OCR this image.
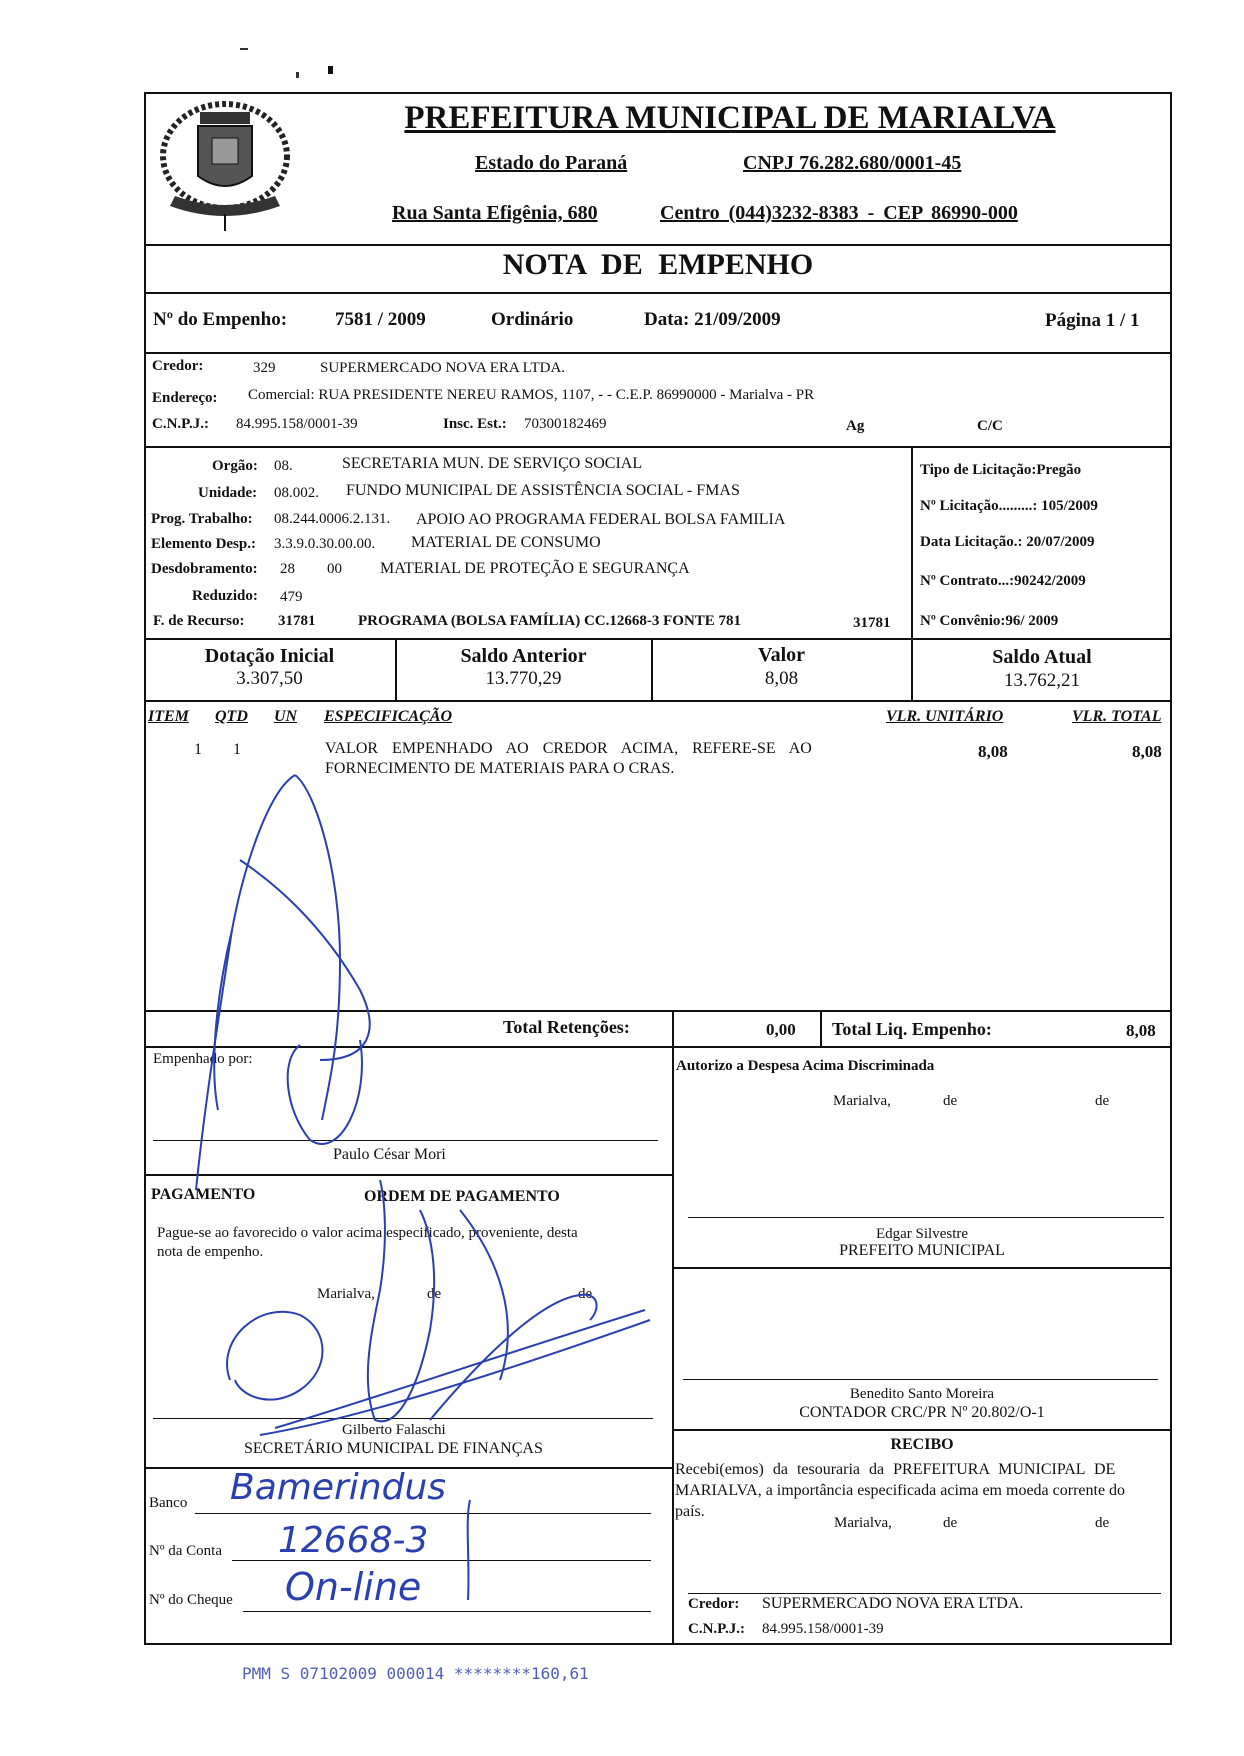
PREFEITURA MUNICIPAL DE MARIALVA
Estado do Paraná	CNPJ 76.282.680/0001-45
Rua Santa Efigênia, 680	Centro (044)3232-8383 - CEP 86990-000
NOTA DE EMPENHO
Nº do Empenho:	7581 / 2009	Ordinário	Data: 21/09/2009	Página 1 / 1
Credor:	329	SUPERMERCADO NOVA ERA LTDA.
Endereço: Comercial: RUA PRESIDENTE NEREU RAMOS, 1107, - - C.E.P. 86990000 - Marialva - PR
C.N.P.J.: 84.995.158/0001-39	Insc. Est.: 70300182469	Ag	C/C
Orgão: 08.	SECRETARIA MUN. DE SERVIÇO SOCIAL
Unidade: 08.002. FUNDO MUNICIPAL DE ASSISTÊNCIA SOCIAL - FMAS
Prog. Trabalho: 08.244.0006.2.131. APOIO AO PROGRAMA FEDERAL BOLSA FAMILIA
Elemento Desp.: 3.3.9.0.30.00.00. MATERIAL DE CONSUMO
Desdobramento: 28 00 MATERIAL DE PROTEÇÃO E SEGURANÇA
Reduzido: 479
F. de Recurso: 31781	PROGRAMA (BOLSA FAMÍLIA) CC.12668-3 FONTE 781	31781
Tipo de Licitação:Pregão
Nº Licitação.........: 105/2009
Data Licitação.: 20/07/2009
Nº Contrato...:90242/2009
Nº Convênio:96/ 2009
Dotação Inicial
3.307,50
Saldo Anterior
13.770,29
Valor
8,08
Saldo Atual
13.762,21
ITEM QTD UN ESPECIFICAÇÃO	VLR. UNITÁRIO	VLR. TOTAL
1 1	VALOR EMPENHADO AO CREDOR ACIMA, REFERE-SE AO
FORNECIMENTO DE MATERIAIS PARA O CRAS.
8,08	8,08
Total Retenções:	0,00 Total Liq. Empenho:	8,08
Empenhado por:
Paulo César Mori
PAGAMENTO	ORDEM DE PAGAMENTO
Pague-se ao favorecido o valor acima especificado, proveniente, desta
nota de empenho.
Marialva,	de	de
Gilberto Falaschi
SECRETÁRIO MUNICIPAL DE FINANÇAS
Banco Bamerindus
Nº da Conta 12668-3
Nº do Cheque On-line
Autorizo a Despesa Acima Discriminada
Marialva,	de	de
Edgar Silvestre
PREFEITO MUNICIPAL
Benedito Santo Moreira
CONTADOR CRC/PR Nº 20.802/O-1
RECIBO
Recebi(emos) da tesouraria da PREFEITURA MUNICIPAL DE
MARIALVA, a importância especificada acima em moeda corrente do
país.
Marialva,	de	de
Credor: SUPERMERCADO NOVA ERA LTDA.
C.N.P.J.: 84.995.158/0001-39
PMM S 07102009 000014 ********160,61
